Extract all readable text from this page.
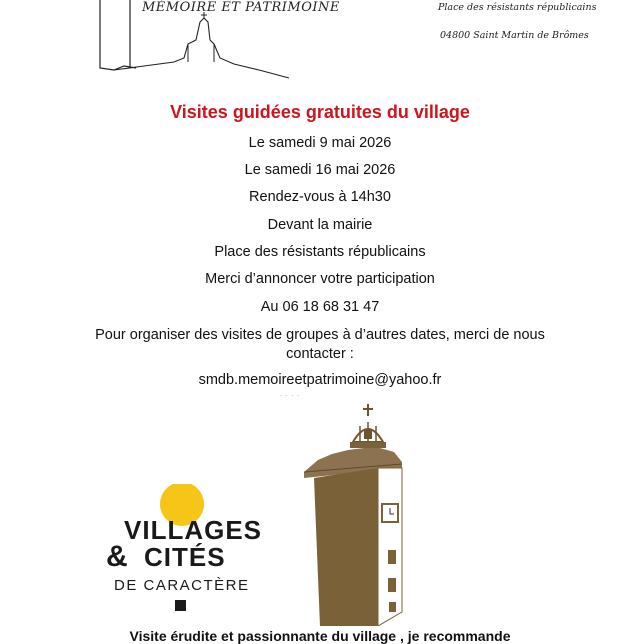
MÉMOIRE ET PATRIMOINE	Place des résistants républicains
04800 Saint Martin de Brômes
Visites guidées gratuites du village
Le samedi 9 mai 2026
Le samedi 16 mai 2026
Rendez-vous à 14h30
Devant la mairie
Place des résistants républicains
Merci d’annoncer votre participation
Au 06 18 68 31 47
Pour organiser des visites de groupes à d’autres dates, merci de nous contacter :
smdb.memoireetpatrimoine@yahoo.fr
· · · ·
VILLAGES
& CITÉS
DE CARACTÈRE
Visite érudite et passionnante du village , je recommande
